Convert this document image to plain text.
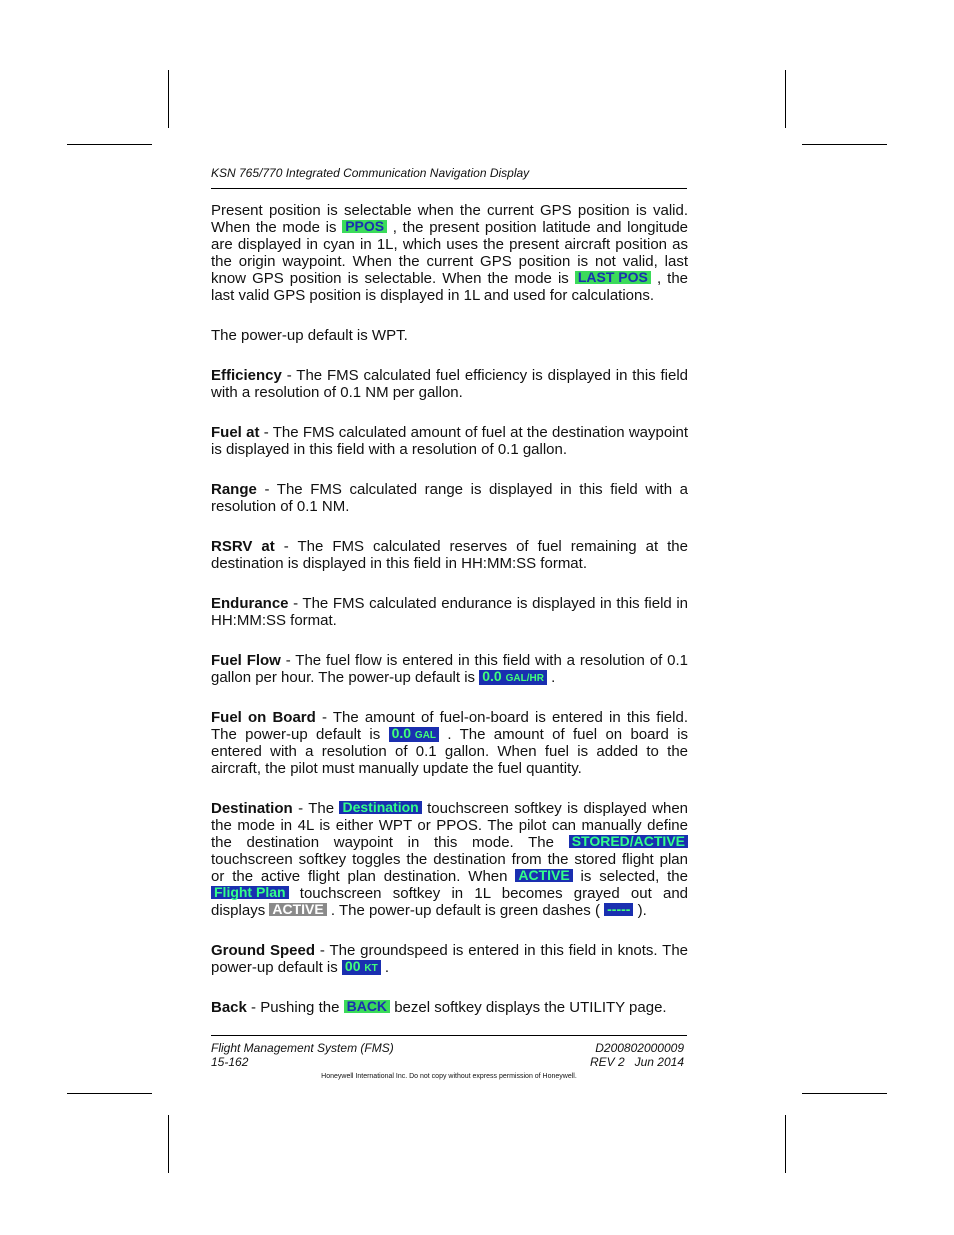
KSN 765/770 Integrated Communication Navigation Display

Present position is selectable when the current GPS position is valid. When the mode is PPOS , the present position latitude and longitude are displayed in cyan in 1L, which uses the present aircraft position as the origin waypoint. When the current GPS position is not valid, last know GPS position is selectable. When the mode is LAST POS , the last valid GPS position is displayed in 1L and used for calculations.

The power-up default is WPT.

Efficiency - The FMS calculated fuel efficiency is displayed in this field with a resolution of 0.1 NM per gallon.

Fuel at - The FMS calculated amount of fuel at the destination waypoint is displayed in this field with a resolution of 0.1 gallon.

Range - The FMS calculated range is displayed in this field with a resolution of 0.1 NM.

RSRV at - The FMS calculated reserves of fuel remaining at the destination is displayed in this field in HH:MM:SS format.

Endurance - The FMS calculated endurance is displayed in this field in HH:MM:SS format.

Fuel Flow - The fuel flow is entered in this field with a resolution of 0.1 gallon per hour. The power-up default is 0.0 GAL/HR .

Fuel on Board - The amount of fuel-on-board is entered in this field. The power-up default is 0.0 GAL . The amount of fuel on board is entered with a resolution of 0.1 gallon. When fuel is added to the aircraft, the pilot must manually update the fuel quantity.

Destination - The Destination touchscreen softkey is displayed when the mode in 4L is either WPT or PPOS. The pilot can manually define the destination waypoint in this mode. The STORED/ACTIVE touchscreen softkey toggles the destination from the stored flight plan or the active flight plan destination. When ACTIVE is selected, the Flight Plan touchscreen softkey in 1L becomes grayed out and displays ACTIVE . The power-up default is green dashes ( ----- ).

Ground Speed - The groundspeed is entered in this field in knots. The power-up default is 00 KT .

Back - Pushing the BACK bezel softkey displays the UTILITY page.

Flight Management System (FMS)
15-162
D200802000009
REV 2   Jun 2014
Honeywell International Inc. Do not copy without express permission of Honeywell.
